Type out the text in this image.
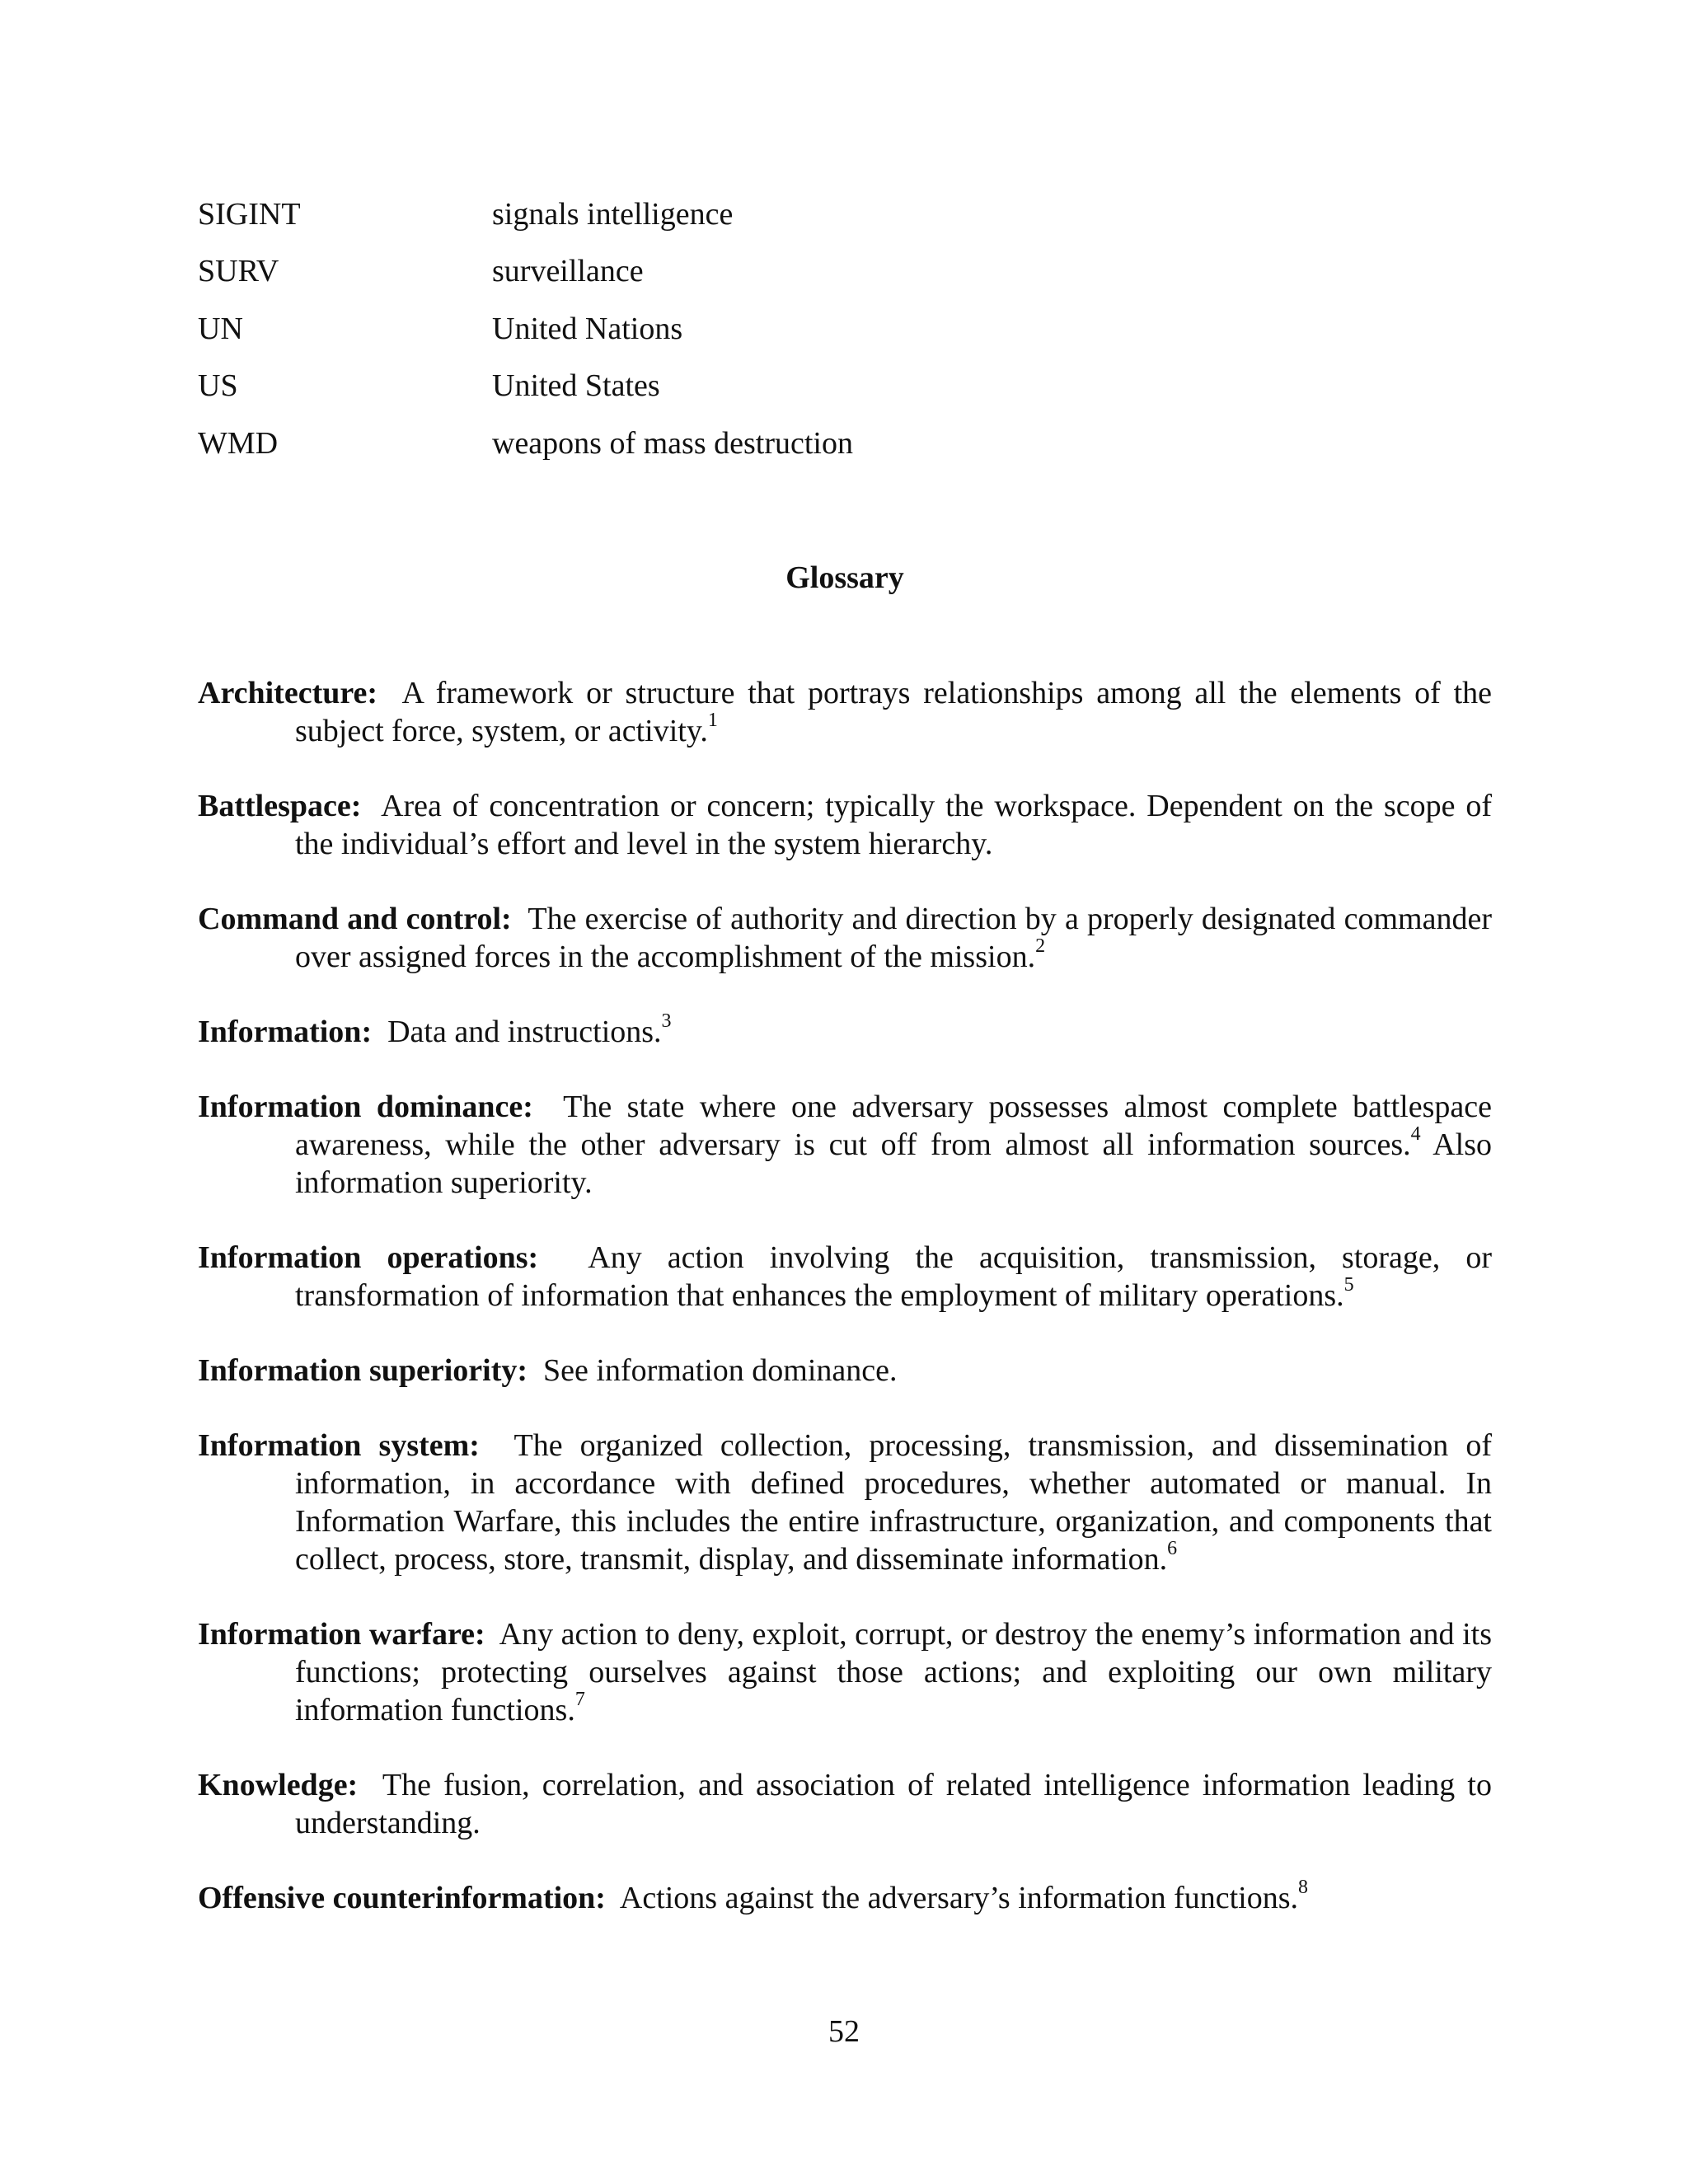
SIGINT	signals intelligence
SURV	surveillance
UN	United Nations
US	United States
WMD	weapons of mass destruction
Glossary

Architecture: A framework or structure that portrays relationships among all the elements of the subject force, system, or activity.$^1$

Battlespace: Area of concentration or concern; typically the workspace. Dependent on the scope of the individual’s effort and level in the system hierarchy.

Command and control: The exercise of authority and direction by a properly designated commander over assigned forces in the accomplishment of the mission.$^2$

Information: Data and instructions.$^3$

Information dominance: The state where one adversary possesses almost complete battlespace awareness, while the other adversary is cut off from almost all information sources.$^4$ Also information superiority.

Information operations: Any action involving the acquisition, transmission, storage, or transformation of information that enhances the employment of military operations.$^5$

Information superiority: See information dominance.

Information system: The organized collection, processing, transmission, and dissemination of information, in accordance with defined procedures, whether automated or manual. In Information Warfare, this includes the entire infrastructure, organization, and components that collect, process, store, transmit, display, and disseminate information.$^6$

Information warfare: Any action to deny, exploit, corrupt, or destroy the enemy’s information and its functions; protecting ourselves against those actions; and exploiting our own military information functions.$^7$

Knowledge: The fusion, correlation, and association of related intelligence information leading to understanding.

Offensive counterinformation: Actions against the adversary’s information functions.$^8$

52
